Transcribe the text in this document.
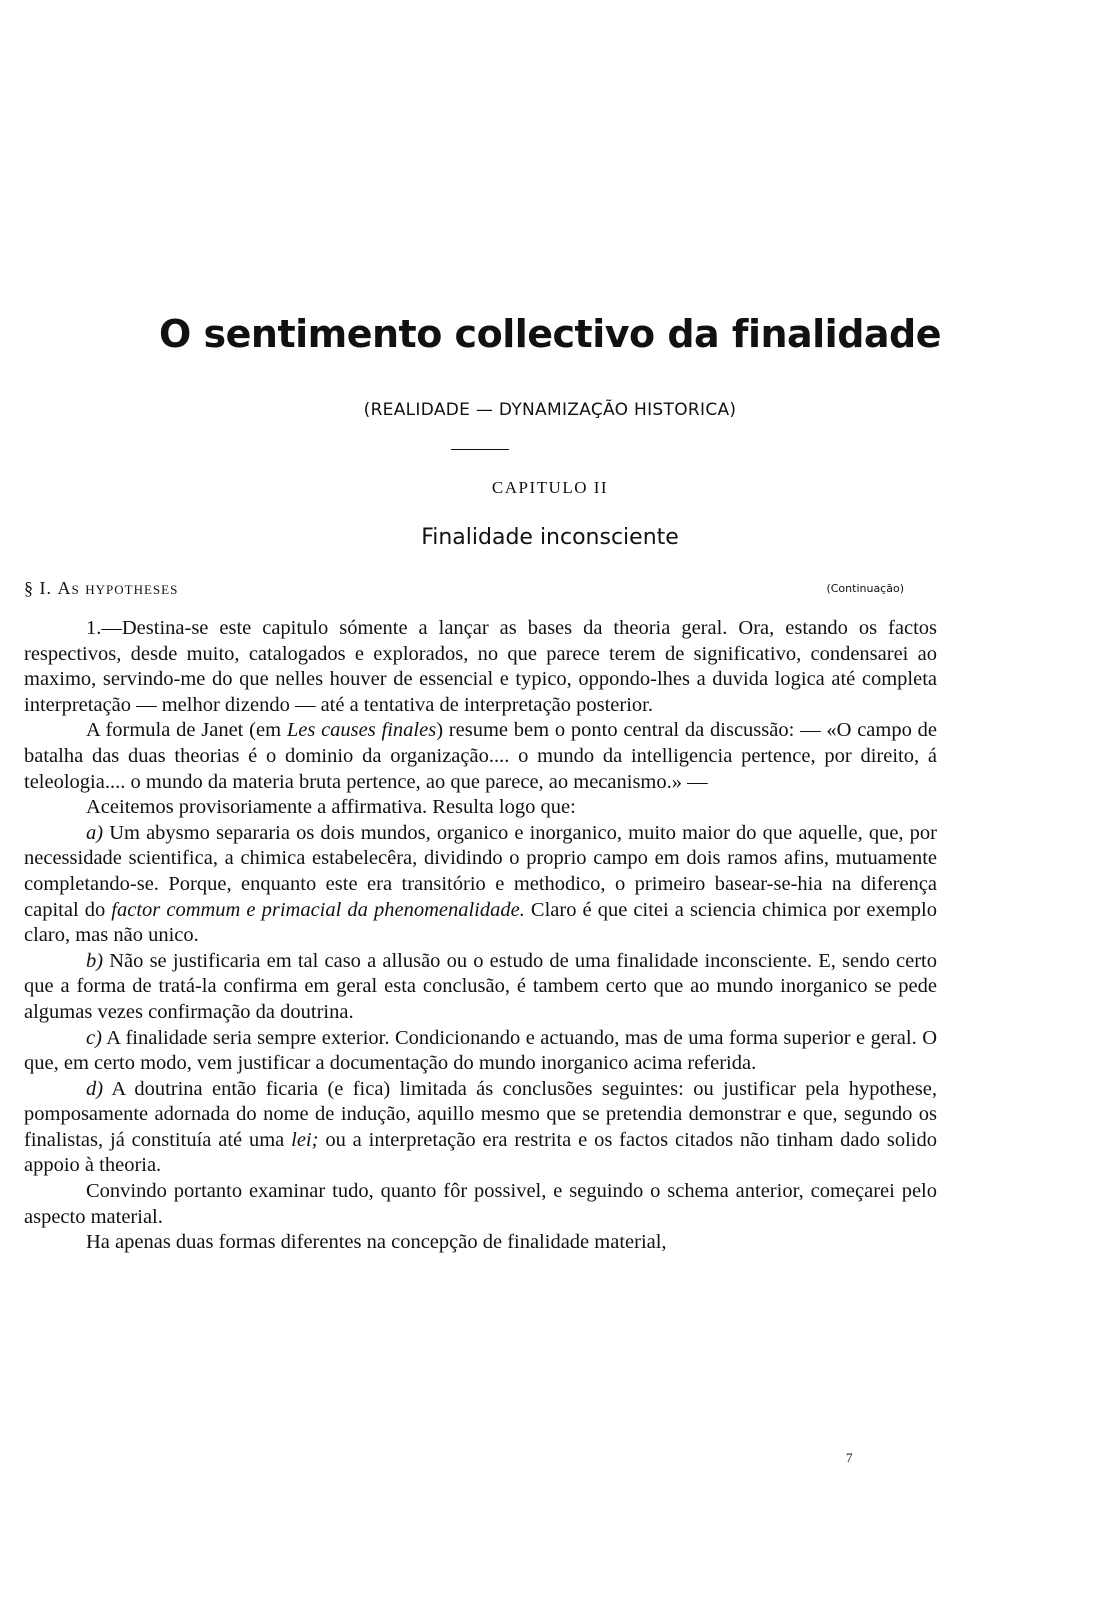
O sentimento collectivo da finalidade
(REALIDADE — DYNAMIZAÇÃO HISTORICA)
CAPITULO II
Finalidade inconsciente
§ I. As hypotheses	(Continuação)

1.—Destina-se este capitulo sómente a lançar as bases da theoria geral. Ora, estando os factos respectivos, desde muito, catalogados e explorados, no que parece terem de significativo, condensarei ao maximo, servindo-me do que nelles houver de essencial e typico, oppondo-lhes a duvida logica até completa interpretação — melhor dizendo — até a tentativa de interpretação posterior.

A formula de Janet (em Les causes finales) resume bem o ponto central da discussão: — «O campo de batalha das duas theorias é o dominio da organização.... o mundo da intelligencia pertence, por direito, á teleologia.... o mundo da materia bruta pertence, ao que parece, ao mecanismo.» —

Aceitemos provisoriamente a affirmativa. Resulta logo que:

a) Um abysmo separaria os dois mundos, organico e inorganico, muito maior do que aquelle, que, por necessidade scientifica, a chimica estabelecêra, dividindo o proprio campo em dois ramos afins, mutuamente completando-se. Porque, enquanto este era transitório e methodico, o primeiro basear-se-hia na diferença capital do factor commum e primacial da phenomenalidade. Claro é que citei a sciencia chimica por exemplo claro, mas não unico.

b) Não se justificaria em tal caso a allusão ou o estudo de uma finalidade inconsciente. E, sendo certo que a forma de tratá-la confirma em geral esta conclusão, é tambem certo que ao mundo inorganico se pede algumas vezes confirmação da doutrina.

c) A finalidade seria sempre exterior. Condicionando e actuando, mas de uma forma superior e geral. O que, em certo modo, vem justificar a documentação do mundo inorganico acima referida.

d) A doutrina então ficaria (e fica) limitada ás conclusões seguintes: ou justificar pela hypothese, pomposamente adornada do nome de indução, aquillo mesmo que se pretendia demonstrar e que, segundo os finalistas, já constituía até uma lei; ou a interpretação era restrita e os factos citados não tinham dado solido appoio à theoria.

Convindo portanto examinar tudo, quanto fôr possivel, e seguindo o schema anterior, começarei pelo aspecto material.

Ha apenas duas formas diferentes na concepção de finalidade material,

7
